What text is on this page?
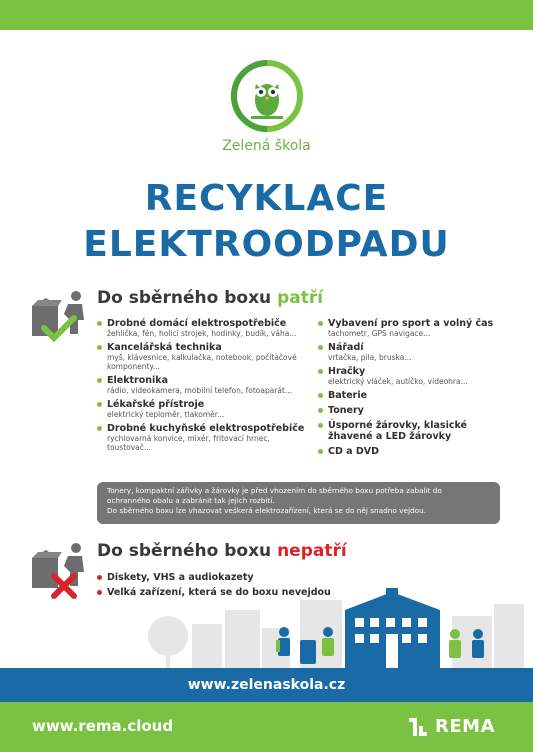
Zelená škola
RECYKLACE
ELEKTROODPADU
Do sběrného boxu patří
Drobné domácí elektrospotřebiče
žehlička, fén, holicí strojek, hodinky, budík, váha...
Kancelářská technika
myš, klávesnice, kalkulačka, notebook, počítačové komponenty...
Elektronika
rádio, videokamera, mobilní telefon, fotoaparát...
Lékařské přístroje
elektrický teploměr, tlakoměr...
Drobné kuchyňské elektrospotřebiče
rychlovarná konvice, mixér, fritovací hrnec, toustovač...
Vybavení pro sport a volný čas
tachometr, GPS navigace...
Nářadí
vrtačka, pila, bruska...
Hračky
elektrický vláček, autíčko, videohra...
Baterie
Tonery
Úsporné žárovky, klasické žhavené a LED žárovky
CD a DVD
Tonery, kompaktní zářivky a žárovky je před vhozením do sběrného boxu potřeba zabalit do
ochranného obalu a zabránit tak jejich rozbití.
Do sběrného boxu lze vhazovat veškerá elektrozařízení, která se do něj snadno vejdou.
Do sběrného boxu nepatří
Diskety, VHS a audiokazety
Velká zařízení, která se do boxu nevejdou
www.zelenaskola.cz
www.rema.cloud	REMA
